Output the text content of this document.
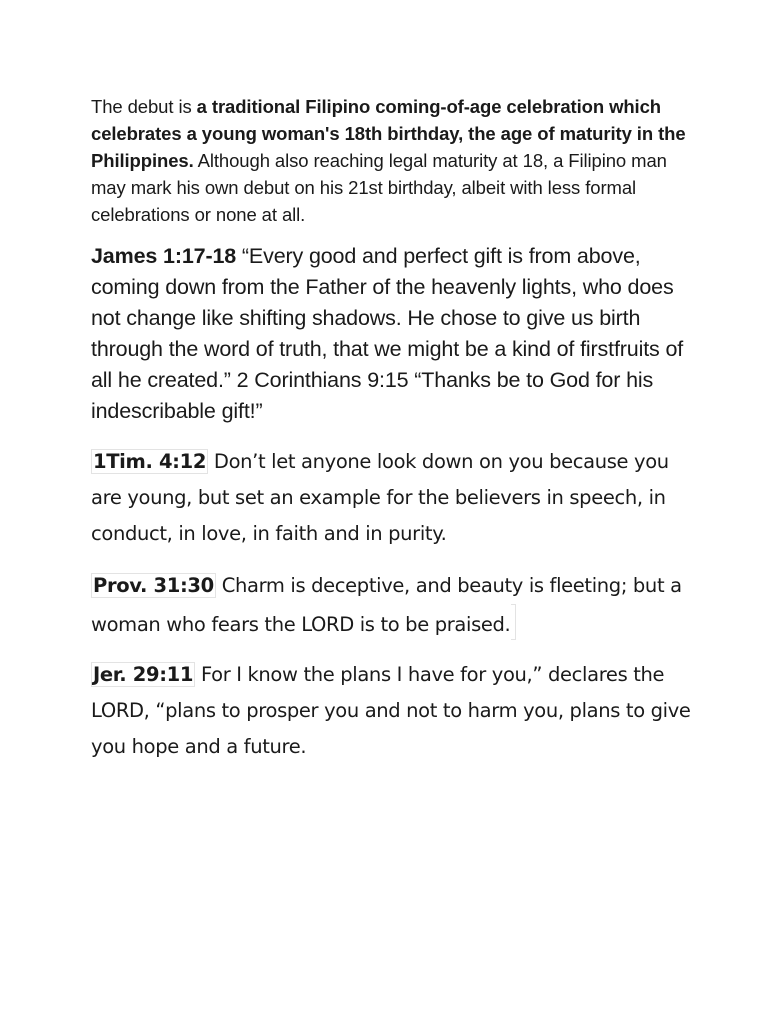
The debut is a traditional Filipino coming-of-age celebration which celebrates a young woman's 18th birthday, the age of maturity in the Philippines. Although also reaching legal maturity at 18, a Filipino man may mark his own debut on his 21st birthday, albeit with less formal celebrations or none at all.

James 1:17-18 “Every good and perfect gift is from above, coming down from the Father of the heavenly lights, who does not change like shifting shadows. He chose to give us birth through the word of truth, that we might be a kind of firstfruits of all he created.” 2 Corinthians 9:15 “Thanks be to God for his indescribable gift!”

1Tim. 4:12 Don’t let anyone look down on you because you are young, but set an example for the believers in speech, in conduct, in love, in faith and in purity.

Prov. 31:30 Charm is deceptive, and beauty is fleeting; but a woman who fears the LORD is to be praised.

Jer. 29:11 For I know the plans I have for you,” declares the LORD, “plans to prosper you and not to harm you, plans to give you hope and a future.
